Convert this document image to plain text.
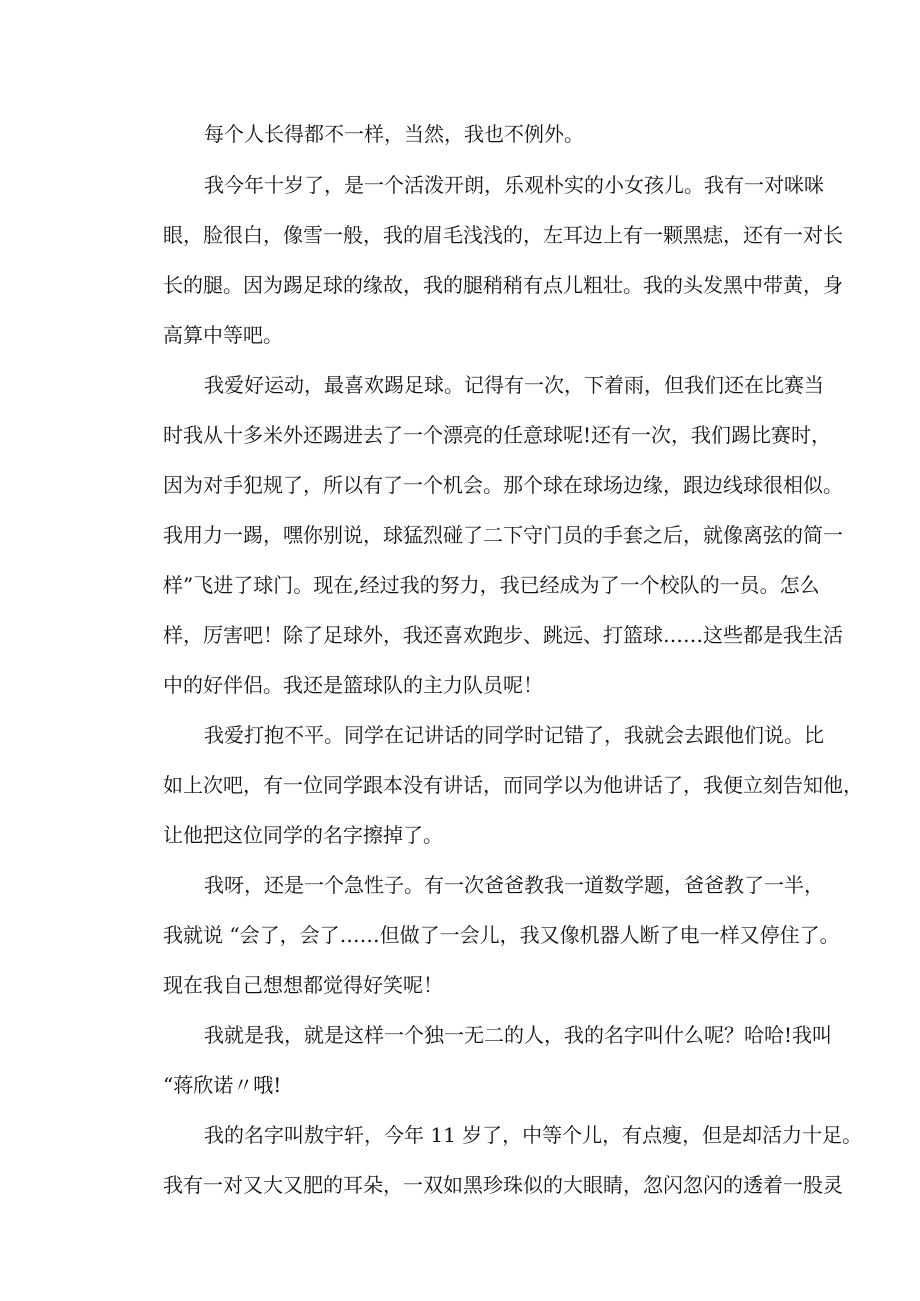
每个人长得都不一样，当然，我也不例外。
我今年十岁了，是一个活泼开朗，乐观朴实的小女孩儿。我有一对咪咪
眼，脸很白，像雪一般，我的眉毛浅浅的，左耳边上有一颗黑痣，还有一对长
长的腿。因为踢足球的缘故，我的腿稍稍有点儿粗壮。我的头发黑中带黄，身
高算中等吧。
我爱好运动，最喜欢踢足球。记得有一次，下着雨，但我们还在比赛当
时我从十多米外还踢进去了一个漂亮的任意球呢!还有一次，我们踢比赛时，
因为对手犯规了，所以有了一个机会。那个球在球场边缘，跟边线球很相似。
我用力一踢，嘿你别说，球猛烈碰了二下守门员的手套之后，就像离弦的简一
样”飞进了球门。现在,经过我的努力，我已经成为了一个校队的一员。怎么
样，厉害吧！除了足球外，我还喜欢跑步、跳远、打篮球……这些都是我生活
中的好伴侣。我还是篮球队的主力队员呢！
我爱打抱不平。同学在记讲话的同学时记错了，我就会去跟他们说。比
如上次吧，有一位同学跟本没有讲话，而同学以为他讲话了，我便立刻告知他，
让他把这位同学的名字擦掉了。
我呀，还是一个急性子。有一次爸爸教我一道数学题，爸爸教了一半，
我就说 “会了，会了……但做了一会儿，我又像机器人断了电一样又停住了。
现在我自己想想都觉得好笑呢！
我就是我，就是这样一个独一无二的人，我的名字叫什么呢？哈哈!我叫
“蒋欣诺〃哦!
我的名字叫敖宇轩，今年 11 岁了，中等个儿，有点瘦，但是却活力十足。
我有一对又大又肥的耳朵，一双如黑珍珠似的大眼睛，忽闪忽闪的透着一股灵
